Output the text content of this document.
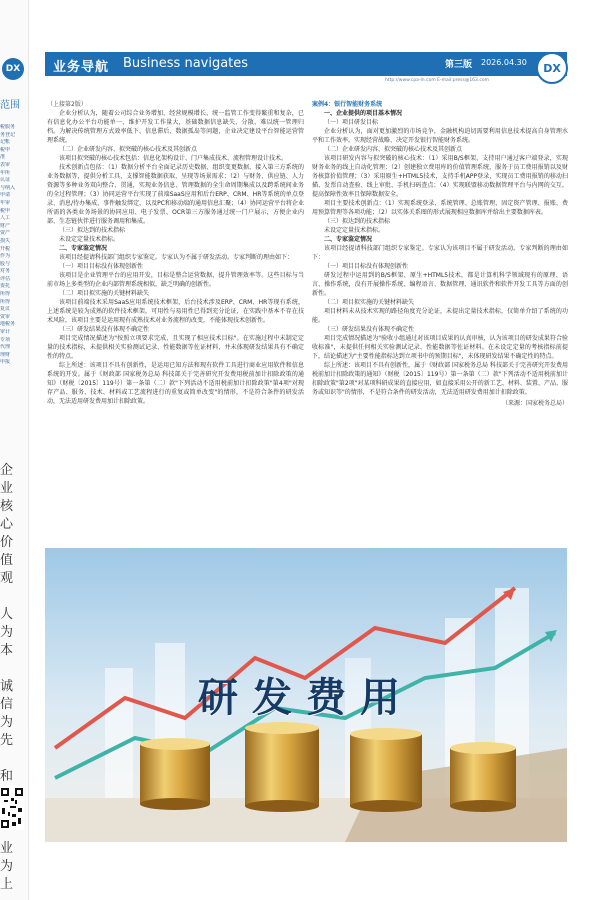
DX
范围
税服务
务登记
记帐
税申
准
表审
年所
认证
与纳入
申请
年审
税申
人工
财产
资产
损失
开税
作为
股与
对务
评估
委托
所得
所得
复议
资审
地税务
审计
专项
代理
理财
申报
企
业
核
心
价
值
观

人
为
本

诚
信
为
先

和

业
为
上
业务导航 Business navigates	第三版 2026.04.30
http://www.cpa-ln.com E-mail:press@163.com
DX

（上接第2版）

企业分析认为，随着公司综合业务增加、经营规模增长，统一监管工作变得繁重和复杂，已有信息化办公平台功能单一，维护开发工作量大，基础数据信息缺失、分散，难以统一管理归档。为解决传统管理方式效率低下、信息滞后、数据孤岛等问题，企业决定建设平台智能运营管理系统。

（二）企业研发内容、拟突破的核心技术及其创新点

该项目拟突破的核心技术包括：信息化架构设计、门户集成技术、流程管理设计技术。

技术创新点包括：（1）数据分析平台全面记录历史数据、组织变更数据、接入第三方系统的业务数据等，提供分析工具，支撑智能数据获取、呈现等场景需求；（2）与财务、供应链、人力资源等多种业务双向整合、贯通，实现业务信息、管理数据的全生命周期集成以及跨系统间业务的全过程管理；（3）协同运营平台实现了前端SaaS应用和后台ERP、CRM、HR等系统的单点登录、消息/待办集成、事件触发绑定，以及PC和移动端的通用信息汇聚；（4）协同运营平台将企业所需的各类业务场景的协同应用、电子发票、OCR第三方服务通过统一门户展示，方便企业内部、生态链伙伴进行服务调用和集成。

（三）拟达到的技术指标

未设定定量技术指标。

二、专家鉴定情况

该项目经提请科技部门组织专家鉴定。专家认为不属于研发活动。专家判断的理由如下：

（一）项目目标没有体现创新性

该项目是企业管理平台的应用开发，目标是整合运营数据、提升管理效率等。这些目标与当前市场上多类型的企业内部管理系统相似，缺乏明确的创新性。

（二）项目拟实施的关键材料缺失

该项目前端技术采用SaaS应用系统技术框架，后台技术涉及ERP、CRM、HR等现有系统，上述系统是较为成熟的软件技术框架，可用性与易用性已得到充分论证，在实践中基本不存在技术风险，该项目主要是运用现有成熟技术对业务流程的改变，不能体现技术创新性。

（三）研发结果没有体现不确定性

项目完成情况描述为"按照立项要求完成，且实现了相应技术目标"。在实施过程中未制定定量的技术指标，未提供相关实验测试记录、性能数据等佐证材料，并未体现研发结果具有不确定性的特点。

综上所述：该项目不具有创新性，是运用已知方法和现有软件工具进行商业应用软件和信息系统的开发。属于《财政部 国家税务总局 科技部关于完善研究开发费用税前加计扣除政策的通知》（财税〔2015〕119号）第一条第（二）款"下列活动不适用税前加计扣除政策"第4项"对现存产品、服务、技术、材料或工艺流程进行的重复或简单改变"的情形，不是符合条件的研发活动，无法适用研发费用加计扣除政策。

案例4：银行智能财务系统

一、企业提供的项目基本情况

（一）项目研发目标

企业分析认为，面对更加激烈的市场竞争，金融机构迫切需要利用信息技术提高自身管理水平和工作效率，实现经营战略、决定开发银行智能财务系统。

（二）企业研发内容、拟突破的核心技术及其创新点

该项目研发内容与拟突破的核心技术：（1）采用B/S框架，支持用户通过客户端登录，实现财务业务的线上自动化管理；（2）创建独立费用库的价值管理系统，服务于员工费用报销以及财务核算价值管理；（3）采用原生+HTML5技术，支持手机APP登录，实现员工费用报销的移动扫描、发票自动查验、线上审批、手机扫码查点；（4）实现联盟移动数据管理平台与内网的交互，提高保障性效率且保障数据安全。

项目主要技术创新点：（1）实现系统登录、系统管理、总账管理、固定资产管理、报账、费用预算管理等各项功能；（2）以实体关系图的形式展现相应数据库并给出主要数据库表。

（三）拟达到的技术指标

未设定定量技术指标。

二、专家鉴定情况

该项目经提请科技部门组织专家鉴定。专家认为该项目不属于研发活动。专家判断的理由如下：

（一）项目目标没有体现创新性

研发过程中运用到的B/S框架、原生+HTML5技术，都是计算机科学领域现有的原理、语言、操作系统，没有开展操作系统、编程语言、数据管理、通讯软件和软件开发工具等方面的创新性。

（二）项目拟实施的关键材料缺失

项目材料未从技术实现的路径角度充分论证，未提出定量技术指标，仅简单介绍了系统的功能。

（三）研发结果没有体现不确定性

项目完成情况描述为"验收小组通过对该项目成果的认真审核，认为该项目的研发成果符合验收标准"，未提供任何相关实验测试记录、性能数据等佐证材料。在未设定定量的考核指标前提下，结论描述为"主要性能指标达到立项书中的预期目标"，未体现研发结果不确定性的特点。

综上所述：该项目不具有创新性，属于《财政部 国家税务总局 科技部关于完善研究开发费用税前加计扣除政策的通知》（财税〔2015〕119号）第一条第（二）款"下列活动不适用税前加计扣除政策"第2项"对某项科研成果的直接应用，如直接采用公开的新工艺、材料、装置、产品、服务或知识等"的情形，不是符合条件的研发活动，无法适用研发费用加计扣除政策。

（来源：国家税务总局）
研发费用
